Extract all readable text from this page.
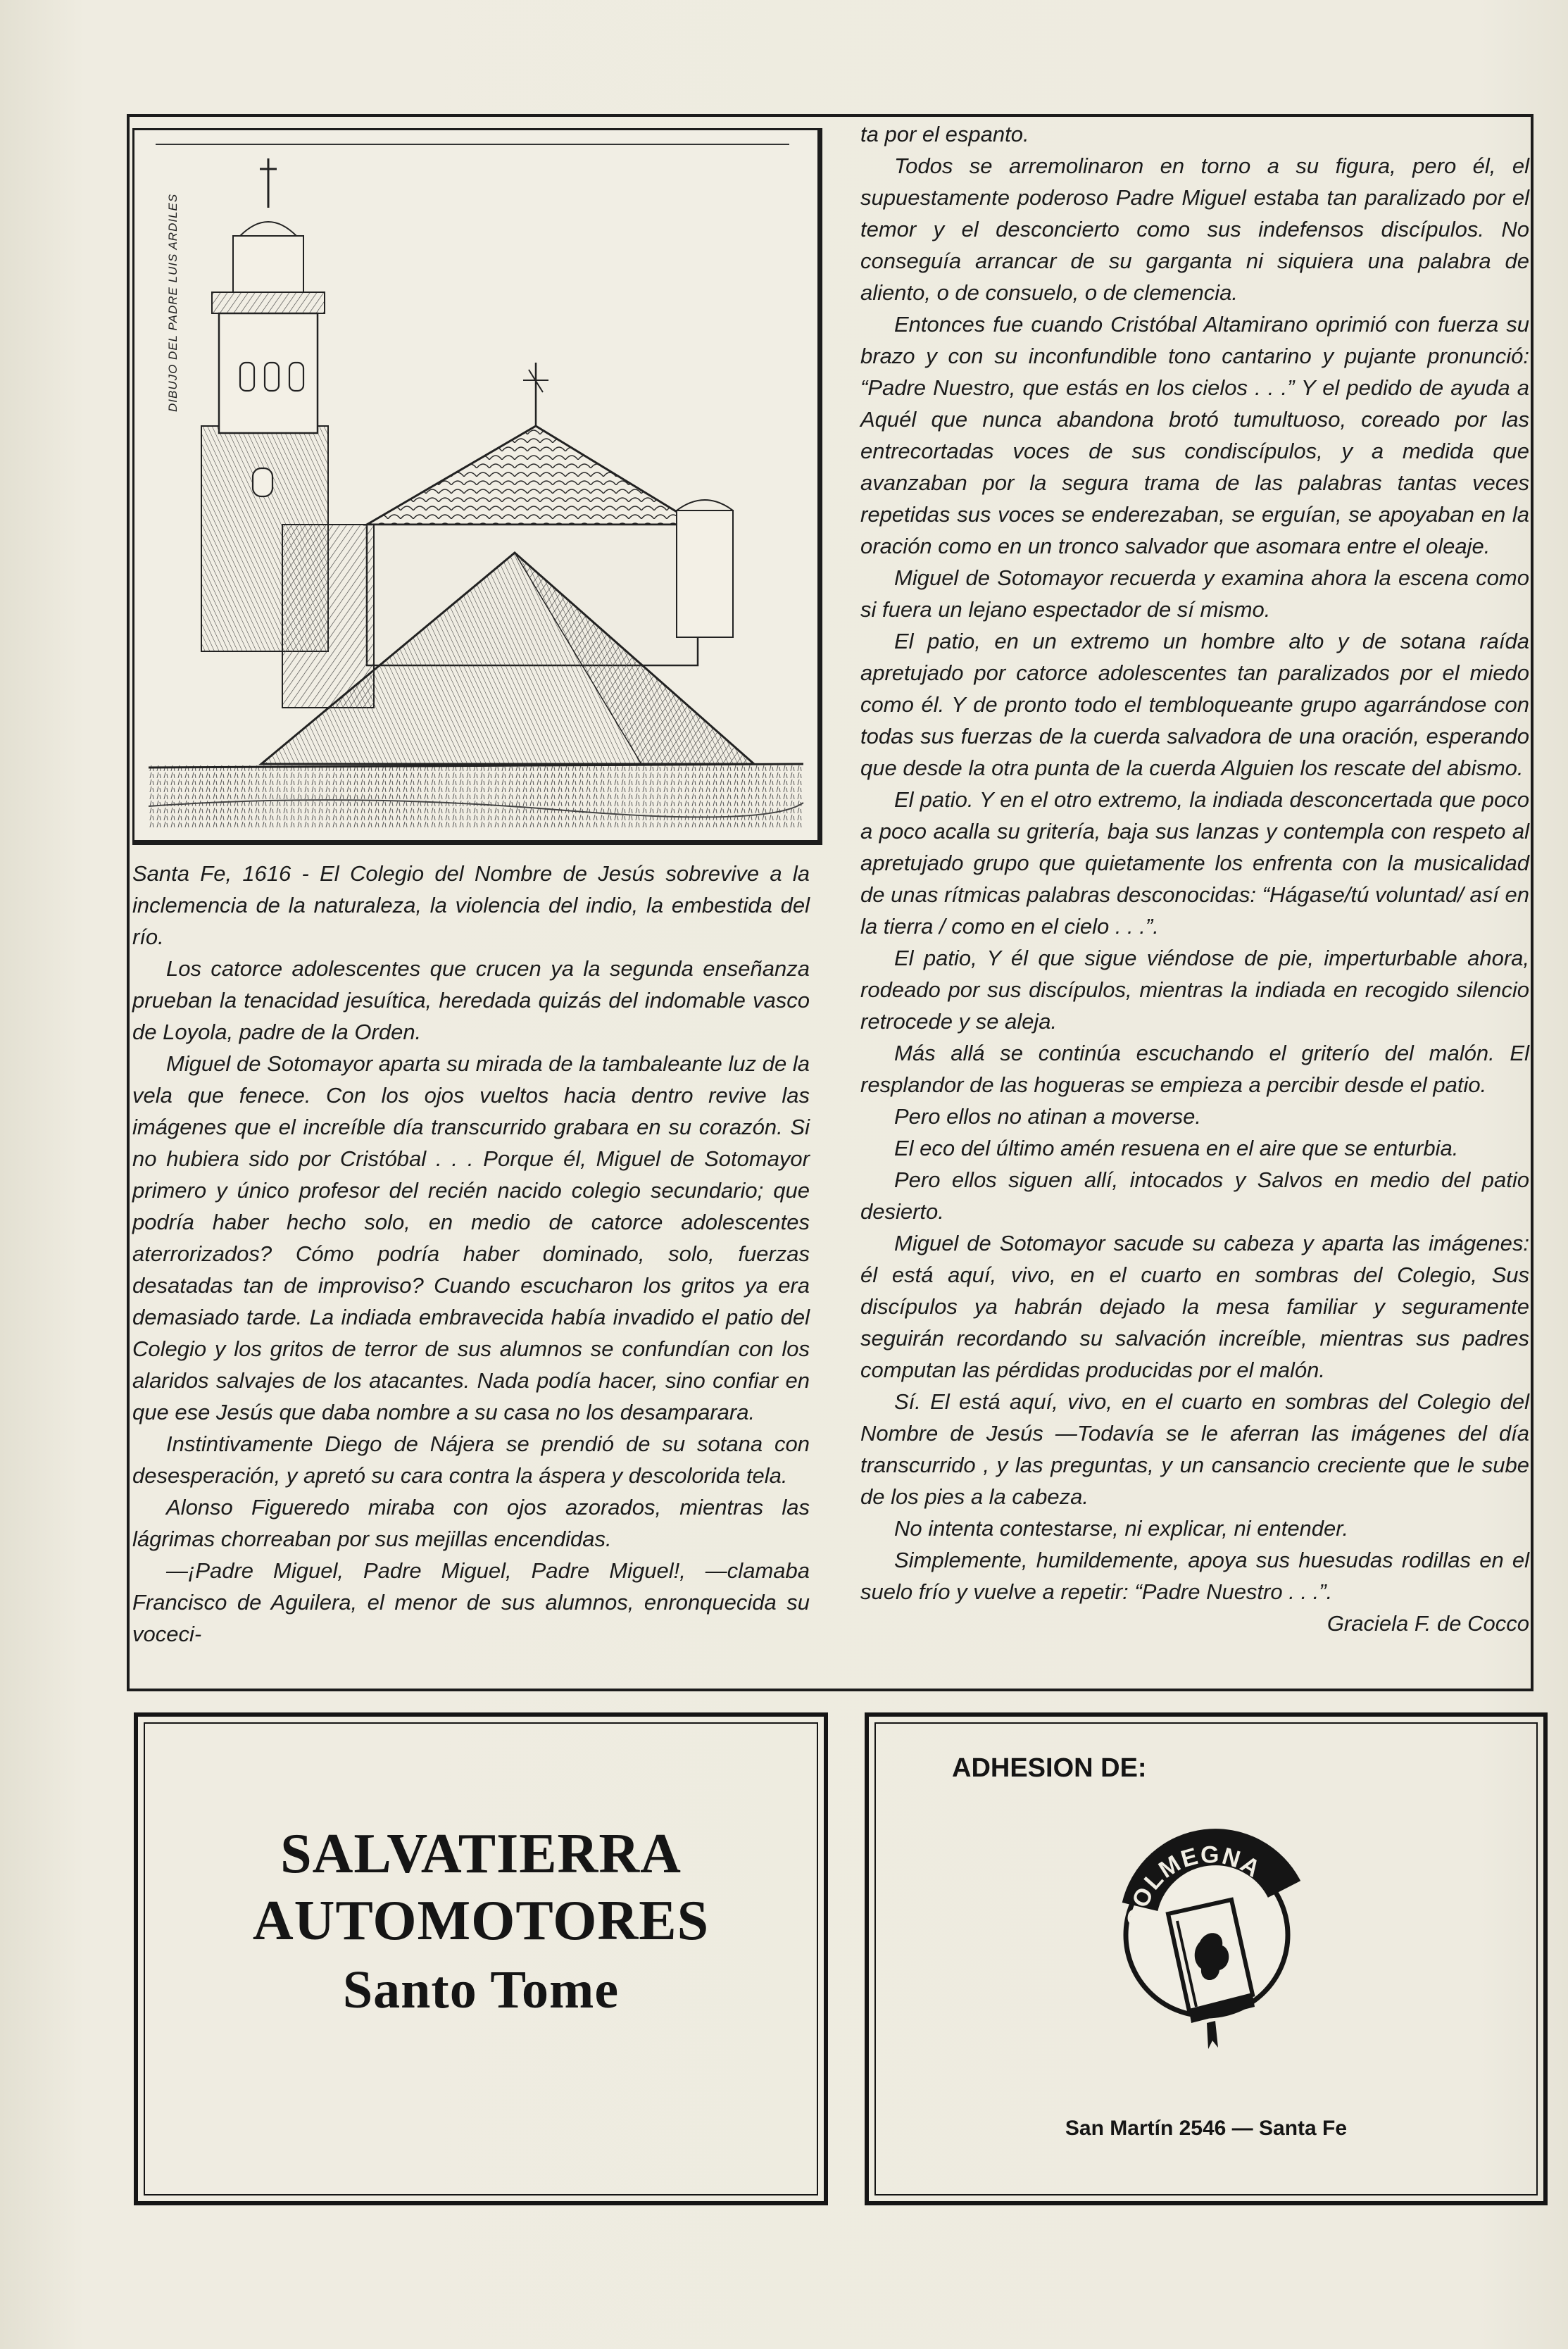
DIBUJO DEL PADRE LUIS ARDILES

Santa Fe, 1616 - El Colegio del Nombre de Jesús sobrevive a la inclemencia de la naturaleza, la violencia del indio, la embestida del río.

Los catorce adolescentes que crucen ya la segunda enseñanza prueban la tenacidad jesuítica, heredada quizás del indomable vasco de Loyola, padre de la Orden.

Miguel de Sotomayor aparta su mirada de la tambaleante luz de la vela que fenece. Con los ojos vueltos hacia dentro revive las imágenes que el increíble día transcurrido grabara en su corazón. Si no hubiera sido por Cristóbal . . . Porque él, Miguel de Sotomayor primero y único profesor del recién nacido colegio secundario; que podría haber hecho solo, en medio de catorce adolescentes aterrorizados? Cómo podría haber dominado, solo, fuerzas desatadas tan de improviso? Cuando escucharon los gritos ya era demasiado tarde. La indiada embravecida había invadido el patio del Colegio y los gritos de terror de sus alumnos se confundían con los alaridos salvajes de los atacantes. Nada podía hacer, sino confiar en que ese Jesús que daba nombre a su casa no los desamparara.

Instintivamente Diego de Nájera se prendió de su sotana con desesperación, y apretó su cara contra la áspera y descolorida tela.

Alonso Figueredo miraba con ojos azorados, mientras las lágrimas chorreaban por sus mejillas encendidas.

—¡Padre Miguel, Padre Miguel, Padre Miguel!, —clamaba Francisco de Aguilera, el menor de sus alumnos, enronquecida su voceci-

ta por el espanto.

Todos se arremolinaron en torno a su figura, pero él, el supuestamente poderoso Padre Miguel estaba tan paralizado por el temor y el desconcierto como sus indefensos discípulos. No conseguía arrancar de su garganta ni siquiera una palabra de aliento, o de consuelo, o de clemencia.

Entonces fue cuando Cristóbal Altamirano oprimió con fuerza su brazo y con su inconfundible tono cantarino y pujante pronunció: “Padre Nuestro, que estás en los cielos . . .” Y el pedido de ayuda a Aquél que nunca abandona brotó tumultuoso, coreado por las entrecortadas voces de sus condiscípulos, y a medida que avanzaban por la segura trama de las palabras tantas veces repetidas sus voces se enderezaban, se erguían, se apoyaban en la oración como en un tronco salvador que asomara entre el oleaje.

Miguel de Sotomayor recuerda y examina ahora la escena como si fuera un lejano espectador de sí mismo.

El patio, en un extremo un hombre alto y de sotana raída apretujado por catorce adolescentes tan paralizados por el miedo como él. Y de pronto todo el tembloqueante grupo agarrándose con todas sus fuerzas de la cuerda salvadora de una oración, esperando que desde la otra punta de la cuerda Alguien los rescate del abismo.

El patio. Y en el otro extremo, la indiada desconcertada que poco a poco acalla su gritería, baja sus lanzas y contempla con respeto al apretujado grupo que quietamente los enfrenta con la musicalidad de unas rítmicas palabras desconocidas: “Hágase/tú voluntad/ así en la tierra / como en el cielo . . .”.

El patio, Y él que sigue viéndose de pie, imperturbable ahora, rodeado por sus discípulos, mientras la indiada en recogido silencio retrocede y se aleja.

Más allá se continúa escuchando el griterío del malón. El resplandor de las hogueras se empieza a percibir desde el patio.

Pero ellos no atinan a moverse.

El eco del último amén resuena en el aire que se enturbia.

Pero ellos siguen allí, intocados y Salvos en medio del patio desierto.

Miguel de Sotomayor sacude su cabeza y aparta las imágenes: él está aquí, vivo, en el cuarto en sombras del Colegio, Sus discípulos ya habrán dejado la mesa familiar y seguramente seguirán recordando su salvación increíble, mientras sus padres computan las pérdidas producidas por el malón.

Sí. El está aquí, vivo, en el cuarto en sombras del Colegio del Nombre de Jesús —Todavía se le aferran las imágenes del día transcurrido , y las preguntas, y un cansancio creciente que le sube de los pies a la cabeza.

No intenta contestarse, ni explicar, ni entender.

Simplemente, humildemente, apoya sus huesudas rodillas en el suelo frío y vuelve a repetir: “Padre Nuestro . . .”.

Graciela F. de Cocco

SALVATIERRA
AUTOMOTORES
Santo Tome
ADHESION DE:
COLMEGNA
San Martín 2546 — Santa Fe
